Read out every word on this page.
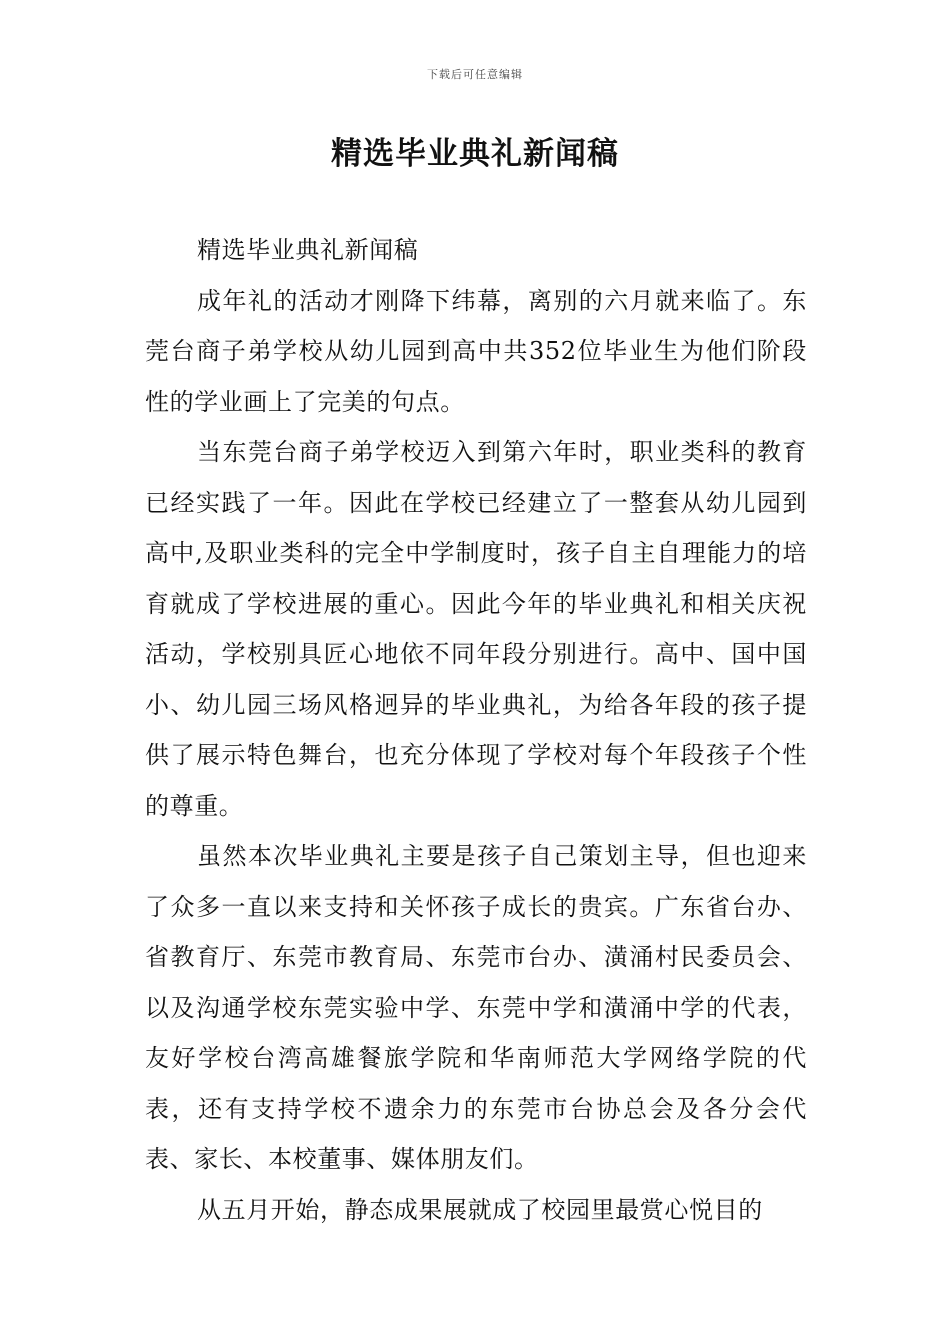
下载后可任意编辑
精选毕业典礼新闻稿

精选毕业典礼新闻稿

成年礼的活动才刚降下纬幕，离别的六月就来临了。东莞台商子弟学校从幼儿园到高中共352位毕业生为他们阶段性的学业画上了完美的句点。

当东莞台商子弟学校迈入到第六年时，职业类科的教育已经实践了一年。因此在学校已经建立了一整套从幼儿园到高中,及职业类科的完全中学制度时，孩子自主自理能力的培育就成了学校进展的重心。因此今年的毕业典礼和相关庆祝活动，学校别具匠心地依不同年段分别进行。高中、国中国小、幼儿园三场风格迥异的毕业典礼，为给各年段的孩子提供了展示特色舞台，也充分体现了学校对每个年段孩子个性的尊重。

虽然本次毕业典礼主要是孩子自己策划主导，但也迎来了众多一直以来支持和关怀孩子成长的贵宾。广东省台办、省教育厅、东莞市教育局、东莞市台办、潢涌村民委员会、以及沟通学校东莞实验中学、东莞中学和潢涌中学的代表，友好学校台湾高雄餐旅学院和华南师范大学网络学院的代表，还有支持学校不遗余力的东莞市台协总会及各分会代表、家长、本校董事、媒体朋友们。

从五月开始，静态成果展就成了校园里最赏心悦目的
